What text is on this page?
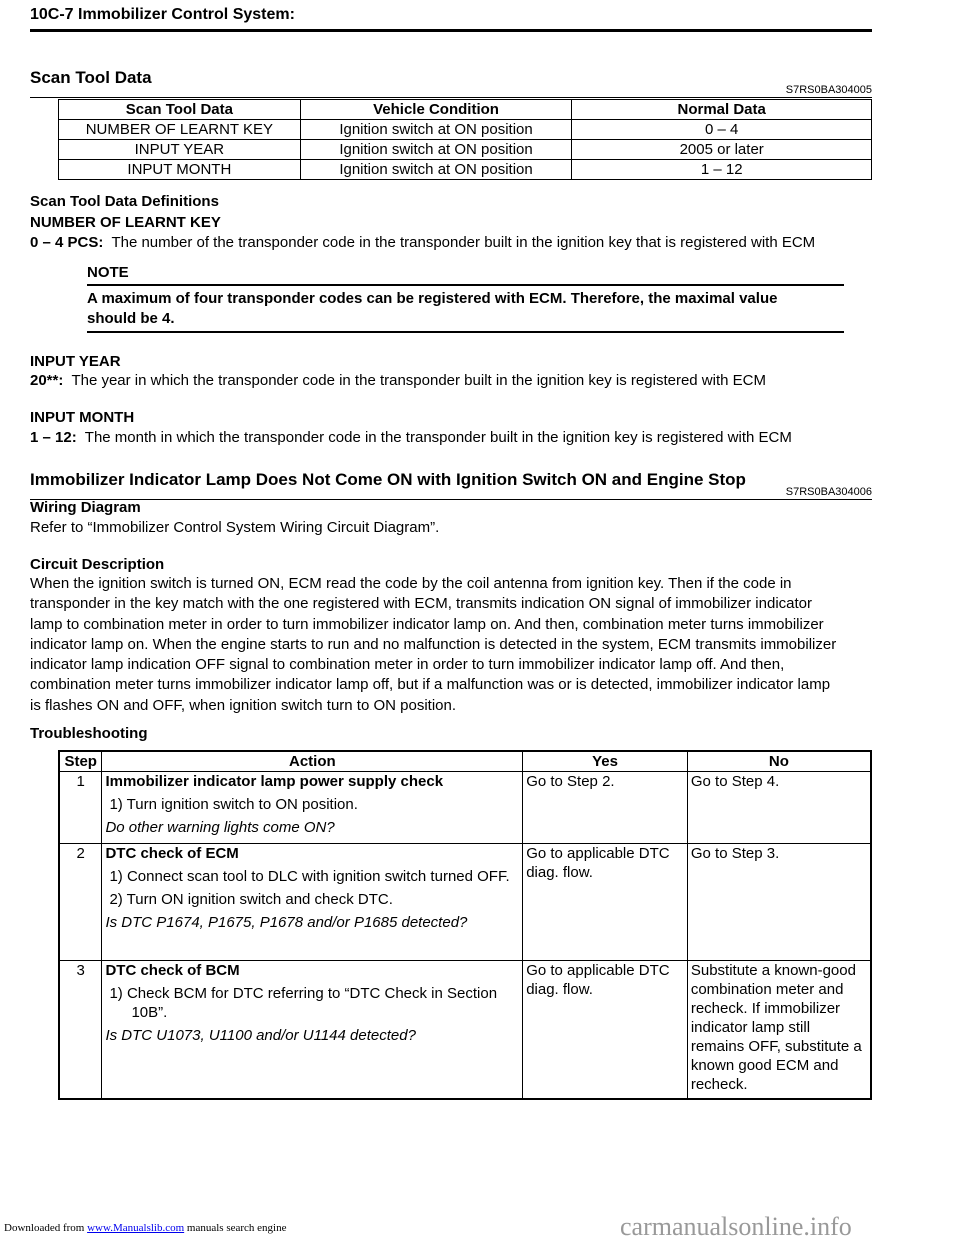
10C-7 Immobilizer Control System:
Scan Tool Data
S7RS0BA304005
Scan Tool Data	Vehicle Condition	Normal Data
NUMBER OF LEARNT KEY	Ignition switch at ON position	0 – 4
INPUT YEAR	Ignition switch at ON position	2005 or later
INPUT MONTH	Ignition switch at ON position	1 – 12
Scan Tool Data Definitions
NUMBER OF LEARNT KEY
0 – 4 PCS: The number of the transponder code in the transponder built in the ignition key that is registered with ECM
NOTE
A maximum of four transponder codes can be registered with ECM. Therefore, the maximal value
should be 4.
INPUT YEAR
20**: The year in which the transponder code in the transponder built in the ignition key is registered with ECM
INPUT MONTH
1 – 12: The month in which the transponder code in the transponder built in the ignition key is registered with ECM
Immobilizer Indicator Lamp Does Not Come ON with Ignition Switch ON and Engine Stop
S7RS0BA304006
Wiring Diagram
Refer to “Immobilizer Control System Wiring Circuit Diagram”.
Circuit Description
When the ignition switch is turned ON, ECM read the code by the coil antenna from ignition key. Then if the code in transponder in the key match with the one registered with ECM, transmits indication ON signal of immobilizer indicator lamp to combination meter in order to turn immobilizer indicator lamp on. And then, combination meter turns immobilizer indicator lamp on. When the engine starts to run and no malfunction is detected in the system, ECM transmits immobilizer indicator lamp indication OFF signal to combination meter in order to turn immobilizer indicator lamp off. And then, combination meter turns immobilizer indicator lamp off, but if a malfunction was or is detected, immobilizer indicator lamp is flashes ON and OFF, when ignition switch turn to ON position.
Troubleshooting
Step	Action	Yes	No
1	Immobilizer indicator lamp power supply check
1) Turn ignition switch to ON position.
Do other warning lights come ON?	Go to Step 2.	Go to Step 4.
2	DTC check of ECM
1) Connect scan tool to DLC with ignition switch turned OFF.
2) Turn ON ignition switch and check DTC.
Is DTC P1674, P1675, P1678 and/or P1685 detected?	Go to applicable DTC diag. flow.	Go to Step 3.
3	DTC check of BCM
1) Check BCM for DTC referring to “DTC Check in Section 10B”.
Is DTC U1073, U1100 and/or U1144 detected?	Go to applicable DTC diag. flow.	Substitute a known-good combination meter and recheck. If immobilizer indicator lamp still remains OFF, substitute a known good ECM and recheck.
Downloaded from www.Manualslib.com manuals search engine	carmanualsonline.info
